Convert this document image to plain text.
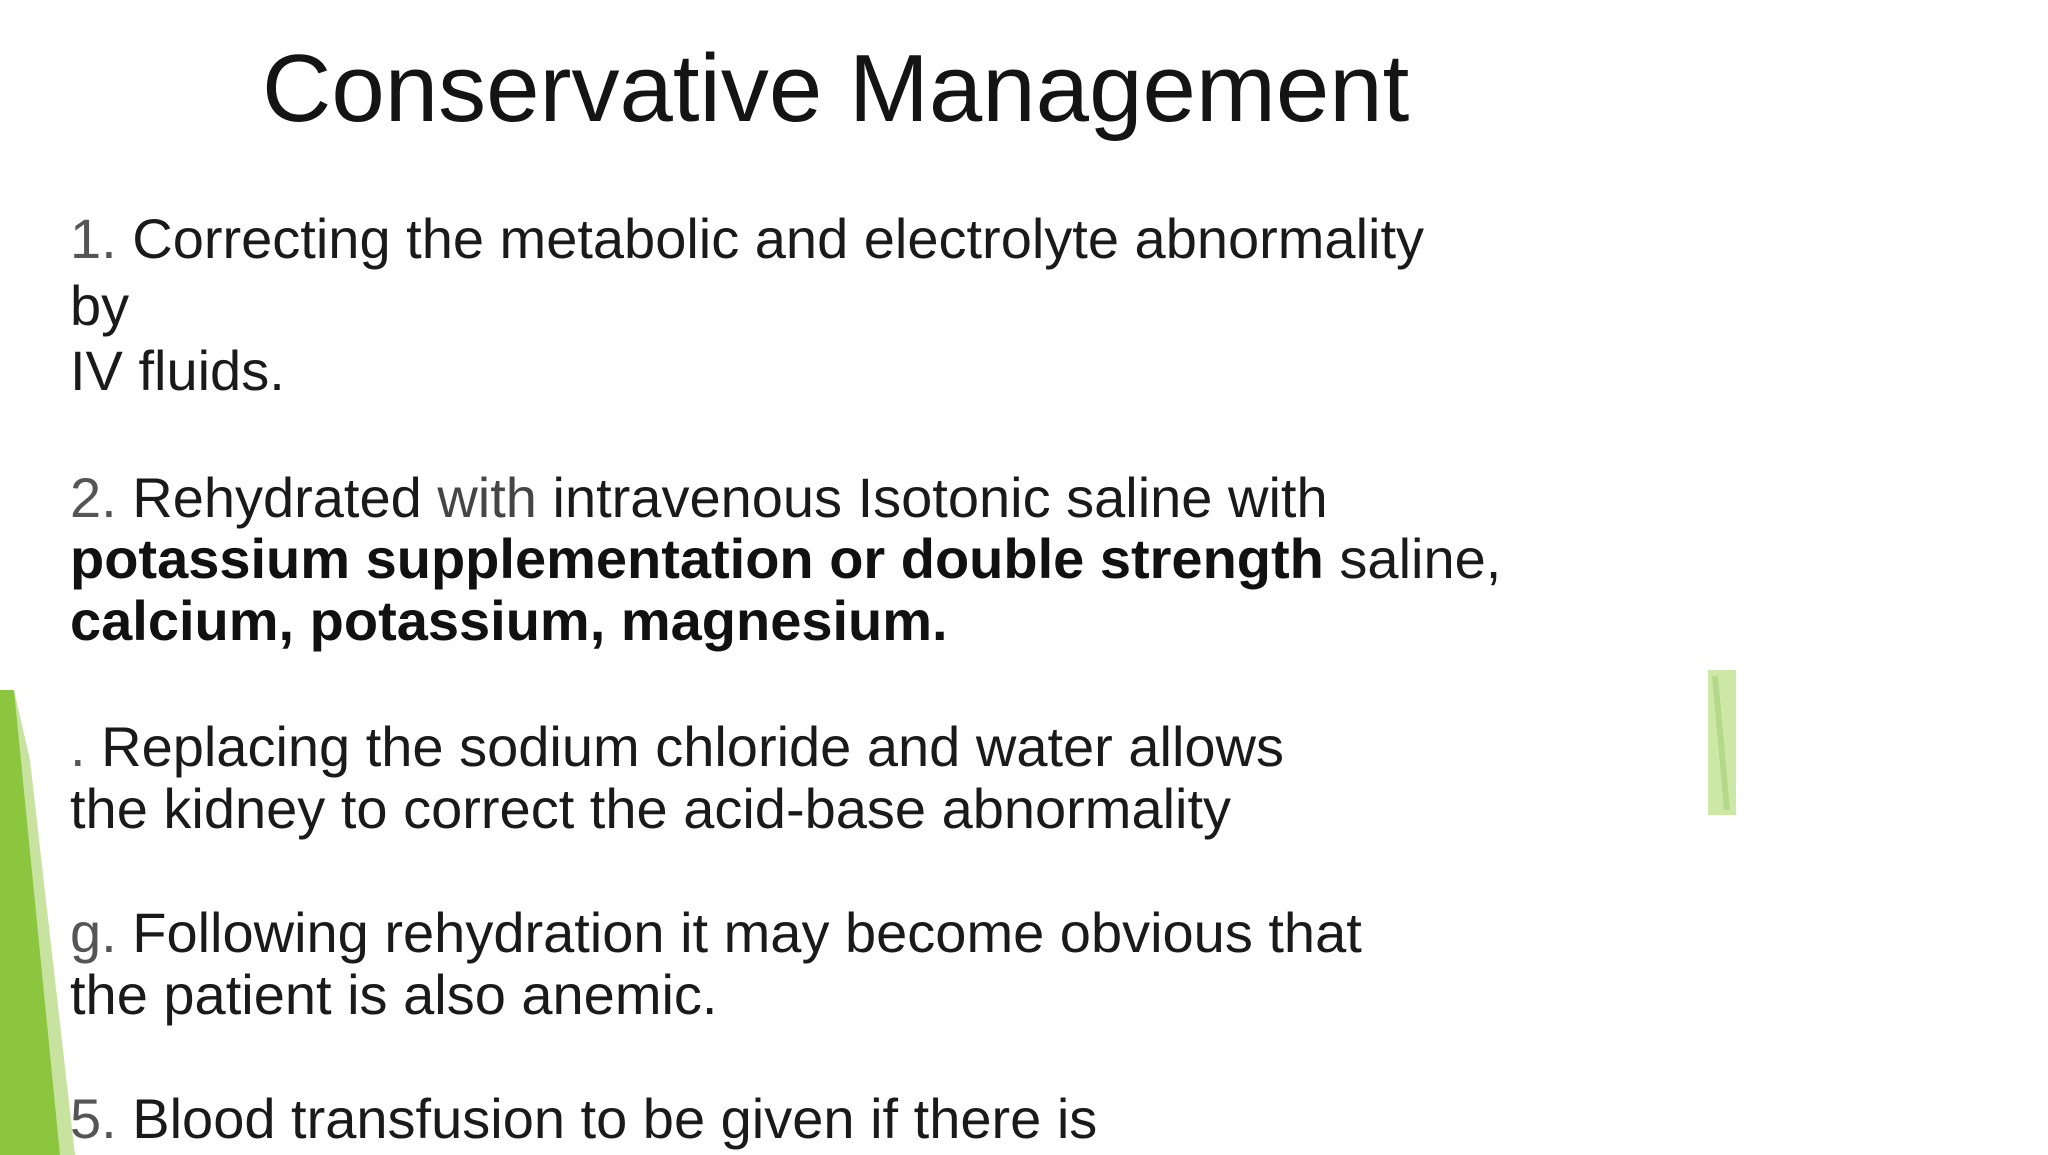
Conservative Management
1. Correcting the metabolic and electrolyte abnormality
by
IV fluids.
2. Rehydrated with intravenous Isotonic saline with
potassium supplementation or double strength saline,
calcium, potassium, magnesium.
. Replacing the sodium chloride and water allows
the kidney to correct the acid-base abnormality
g. Following rehydration it may become obvious that
the patient is also anemic.
5. Blood transfusion to be given if there is
